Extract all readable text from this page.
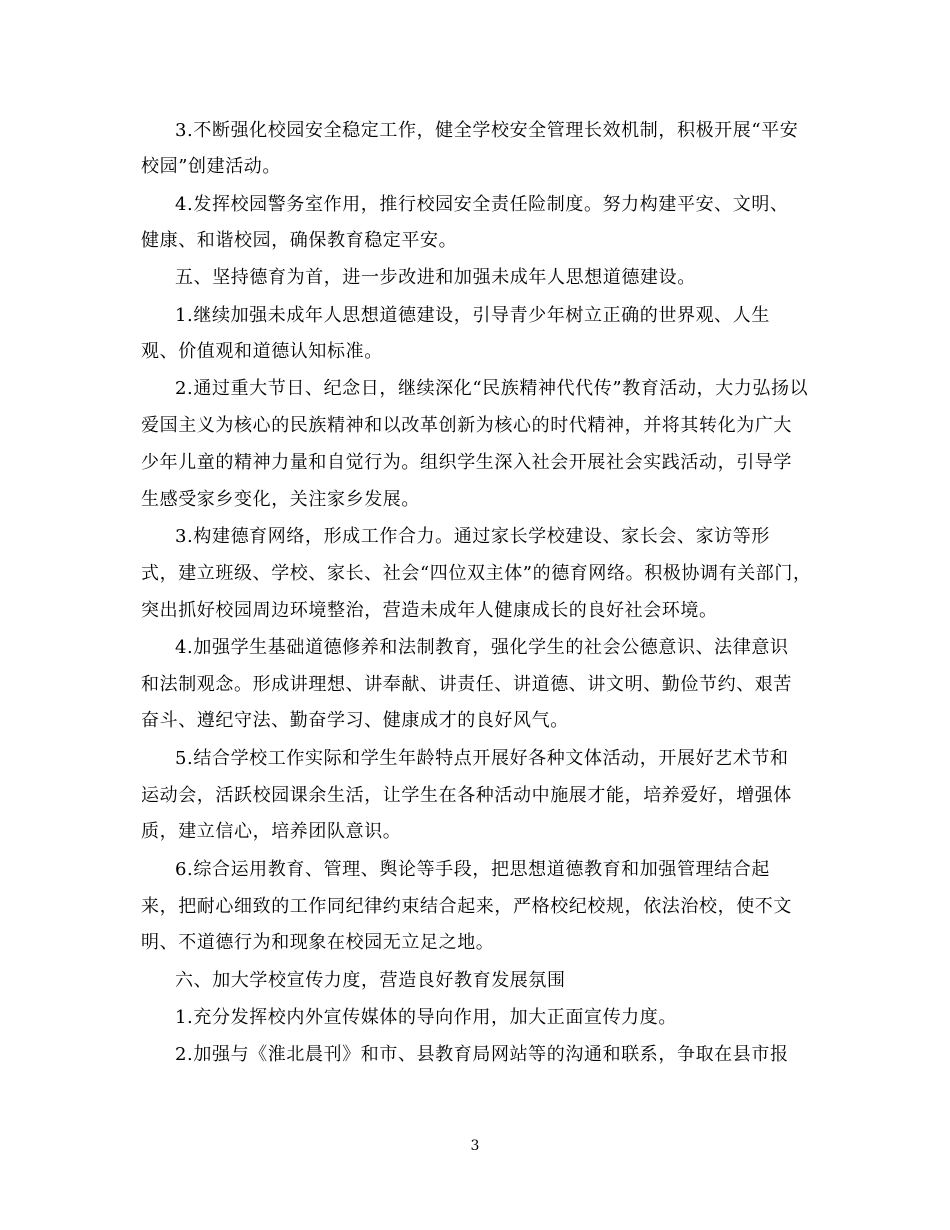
3.不断强化校园安全稳定工作，健全学校安全管理长效机制，积极开展“平安
校园”创建活动。
4.发挥校园警务室作用，推行校园安全责任险制度。努力构建平安、文明、
健康、和谐校园，确保教育稳定平安。
五、坚持德育为首，进一步改进和加强未成年人思想道德建设。
1.继续加强未成年人思想道德建设，引导青少年树立正确的世界观、人生
观、价值观和道德认知标准。
2.通过重大节日、纪念日，继续深化“民族精神代代传”教育活动，大力弘扬以
爱国主义为核心的民族精神和以改革创新为核心的时代精神，并将其转化为广大
少年儿童的精神力量和自觉行为。组织学生深入社会开展社会实践活动，引导学
生感受家乡变化，关注家乡发展。
3.构建德育网络，形成工作合力。通过家长学校建设、家长会、家访等形
式，建立班级、学校、家长、社会“四位双主体”的德育网络。积极协调有关部门，
突出抓好校园周边环境整治，营造未成年人健康成长的良好社会环境。
4.加强学生基础道德修养和法制教育，强化学生的社会公德意识、法律意识
和法制观念。形成讲理想、讲奉献、讲责任、讲道德、讲文明、勤俭节约、艰苦
奋斗、遵纪守法、勤奋学习、健康成才的良好风气。
5.结合学校工作实际和学生年龄特点开展好各种文体活动，开展好艺术节和
运动会，活跃校园课余生活，让学生在各种活动中施展才能，培养爱好，增强体
质，建立信心，培养团队意识。
6.综合运用教育、管理、舆论等手段，把思想道德教育和加强管理结合起
来，把耐心细致的工作同纪律约束结合起来，严格校纪校规，依法治校，使不文
明、不道德行为和现象在校园无立足之地。
六、加大学校宣传力度，营造良好教育发展氛围
1.充分发挥校内外宣传媒体的导向作用，加大正面宣传力度。
2.加强与《淮北晨刊》和市、县教育局网站等的沟通和联系，争取在县市报
3
